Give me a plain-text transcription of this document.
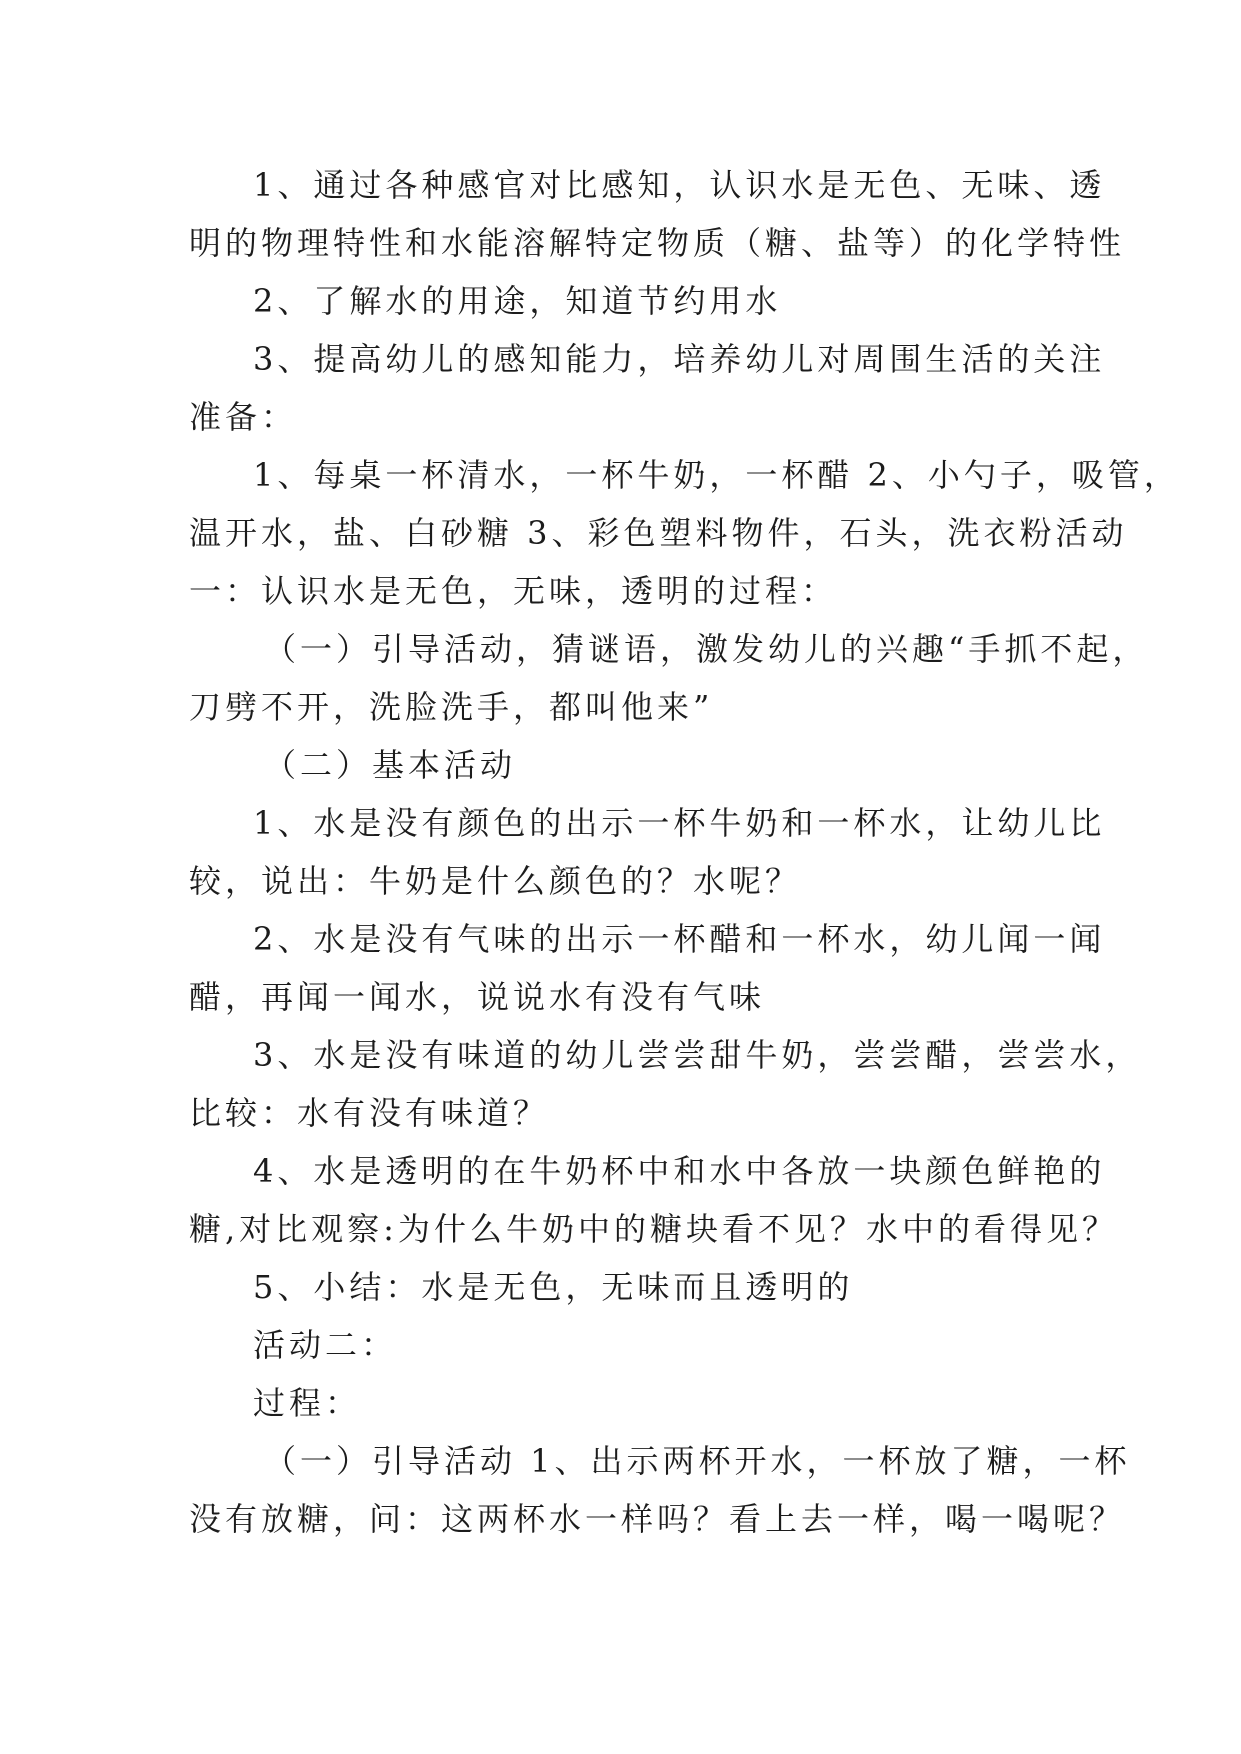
1、通过各种感官对比感知，认识水是无色、无味、透
明的物理特性和水能溶解特定物质（糖、盐等）的化学特性
2、了解水的用途，知道节约用水
3、提高幼儿的感知能力，培养幼儿对周围生活的关注
准备：
1、每桌一杯清水，一杯牛奶，一杯醋 2、小勺子，吸管，
温开水，盐、白砂糖 3、彩色塑料物件，石头，洗衣粉活动
一：认识水是无色，无味，透明的过程：
（一）引导活动，猜谜语，激发幼儿的兴趣“手抓不起，
刀劈不开，洗脸洗手，都叫他来”
（二）基本活动
1、水是没有颜色的出示一杯牛奶和一杯水，让幼儿比
较，说出：牛奶是什么颜色的？水呢？
2、水是没有气味的出示一杯醋和一杯水，幼儿闻一闻
醋，再闻一闻水，说说水有没有气味
3、水是没有味道的幼儿尝尝甜牛奶，尝尝醋，尝尝水，
比较：水有没有味道？
4、水是透明的在牛奶杯中和水中各放一块颜色鲜艳的
糖,对比观察:为什么牛奶中的糖块看不见？水中的看得见？
5、小结：水是无色，无味而且透明的
活动二：
过程：
（一）引导活动 1、出示两杯开水，一杯放了糖，一杯
没有放糖，问：这两杯水一样吗？看上去一样，喝一喝呢？
